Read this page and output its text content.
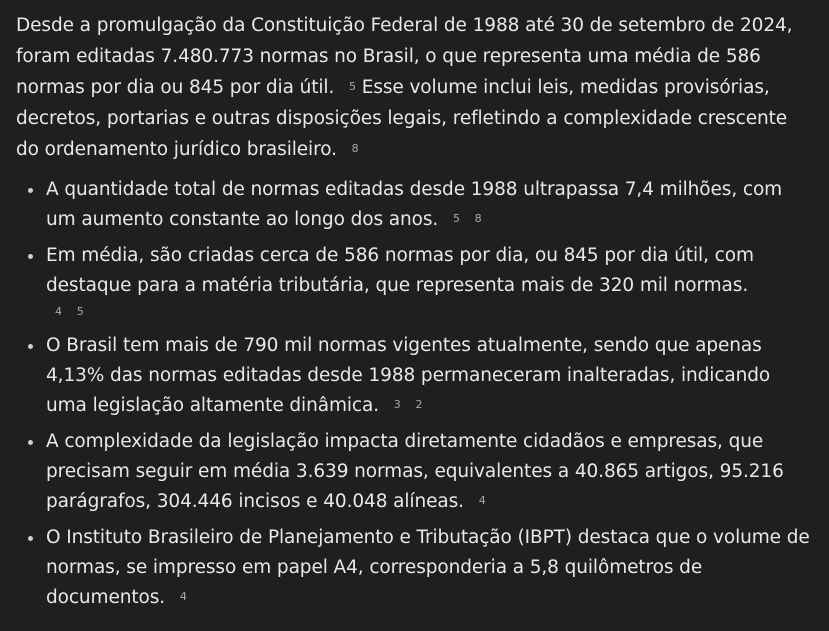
Desde a promulgação da Constituição Federal de 1988 até 30 de setembro de 2024, foram editadas 7.480.773 normas no Brasil, o que representa uma média de 586 normas por dia ou 845 por dia útil. 5 Esse volume inclui leis, medidas provisórias, decretos, portarias e outras disposições legais, refletindo a complexidade crescente do ordenamento jurídico brasileiro. 8

A quantidade total de normas editadas desde 1988 ultrapassa 7,4 milhões, com um aumento constante ao longo dos anos. 5 8
Em média, são criadas cerca de 586 normas por dia, ou 845 por dia útil, com destaque para a matéria tributária, que representa mais de 320 mil normas.
4 5
O Brasil tem mais de 790 mil normas vigentes atualmente, sendo que apenas 4,13% das normas editadas desde 1988 permaneceram inalteradas, indicando uma legislação altamente dinâmica. 3 2
A complexidade da legislação impacta diretamente cidadãos e empresas, que precisam seguir em média 3.639 normas, equivalentes a 40.865 artigos, 95.216 parágrafos, 304.446 incisos e 40.048 alíneas. 4
O Instituto Brasileiro de Planejamento e Tributação (IBPT) destaca que o volume de normas, se impresso em papel A4, corresponderia a 5,8 quilômetros de documentos. 4
